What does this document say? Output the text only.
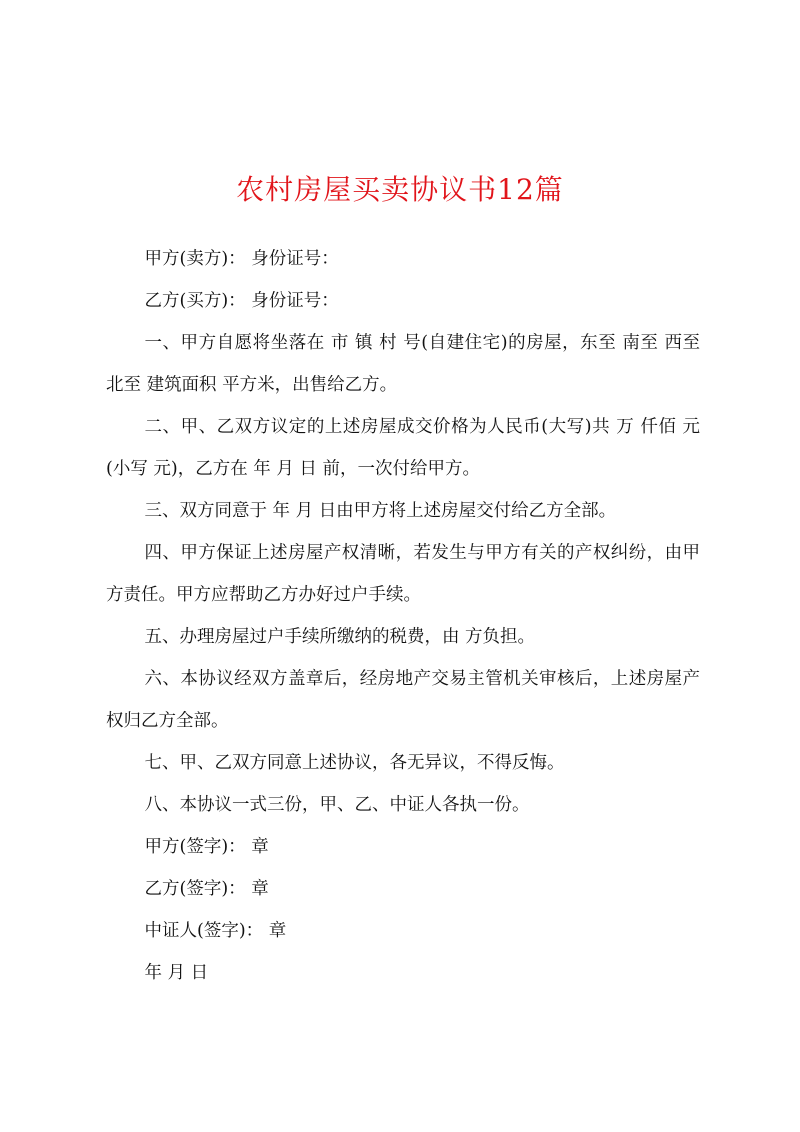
农村房屋买卖协议书12篇

甲方(卖方)： 身份证号：

乙方(买方)： 身份证号：

一、甲方自愿将坐落在 市 镇 村 号(自建住宅)的房屋，东至 南至 西至 北至 建筑面积 平方米，出售给乙方。

二、甲、乙双方议定的上述房屋成交价格为人民币(大写)共 万 仟佰 元(小写 元)，乙方在 年 月 日 前，一次付给甲方。

三、双方同意于 年 月 日由甲方将上述房屋交付给乙方全部。

四、甲方保证上述房屋产权清晰，若发生与甲方有关的产权纠纷，由甲方责任。甲方应帮助乙方办好过户手续。

五、办理房屋过户手续所缴纳的税费，由 方负担。

六、本协议经双方盖章后，经房地产交易主管机关审核后，上述房屋产权归乙方全部。

七、甲、乙双方同意上述协议，各无异议，不得反悔。

八、本协议一式三份，甲、乙、中证人各执一份。

甲方(签字)： 章

乙方(签字)： 章

中证人(签字)： 章

年 月 日
